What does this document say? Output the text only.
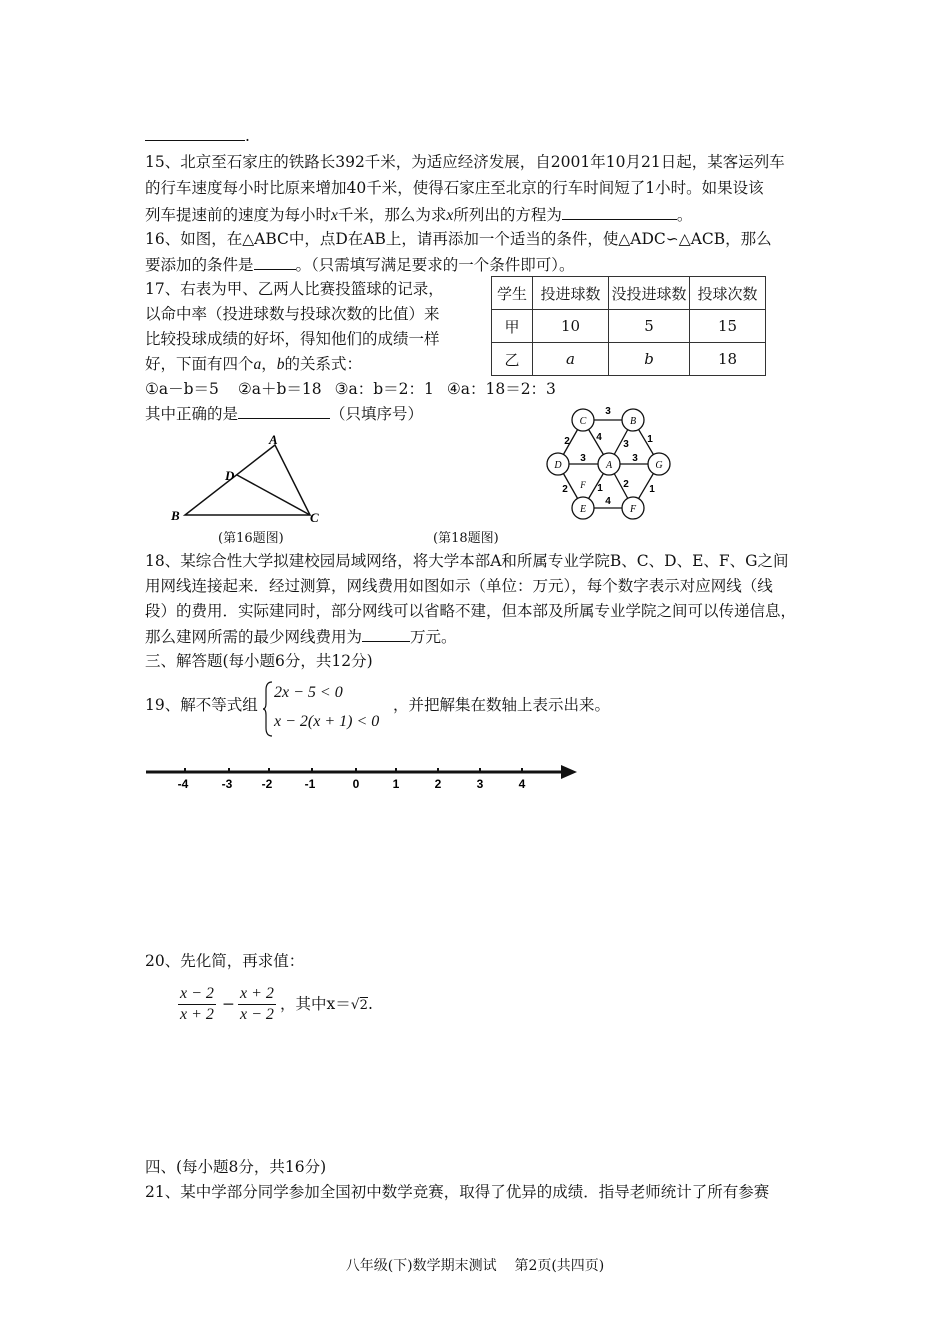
.
15、北京至石家庄的铁路长392千米，为适应经济发展，自2001年10月21日起，某客运列车
的行车速度每小时比原来增加40千米，使得石家庄至北京的行车时间短了1小时。如果设该
列车提速前的速度为每小时x千米，那么为求x所列出的方程为	。
16、如图，在△ABC中，点D在AB上，请再添加一个适当的条件，使△ADC∽△ACB，那么
要添加的条件是	。（只需填写满足要求的一个条件即可）。
17、右表为甲、乙两人比赛投篮球的记录，
以命中率（投进球数与投球次数的比值）来
比较投球成绩的好坏，得知他们的成绩一样
好，下面有四个a，b的关系式：
①a－b＝5 ②a＋b＝18 ③a：b＝2：1 ④a：18＝2：3
其中正确的是	（只填序号）
学生	投进球数	没投进球数	投球次数
甲	10	5	15
乙	a	b	18
A
B	C
D
(第16题图)
C	B
D	A	G
E	F
F
3
2	4
3 1
3	3
2	1 2 1
4
(第18题图)
18、某综合性大学拟建校园局域网络，将大学本部A和所属专业学院B、C、D、E、F、G之间
用网线连接起来．经过测算，网线费用如图如示（单位：万元），每个数字表示对应网线（线
段）的费用．实际建同时，部分网线可以省略不建，但本部及所属专业学院之间可以传递信息，
那么建网所需的最少网线费用为	万元。
三、解答题(每小题6分，共12分)
19、解不等式组
2x − 5 < 0
x − 2(x + 1) < 0
，并把解集在数轴上表示出来。
-4	-3 -2	-1	0	1	2	3	4
20、先化简，再求值：
x − 2
x + 2
−
x + 2
x − 2
，其中x＝√2.
四、(每小题8分，共16分)
21、某中学部分同学参加全国初中数学竞赛，取得了优异的成绩．指导老师统计了所有参赛
八年级(下)数学期末测试    第2页(共四页)
